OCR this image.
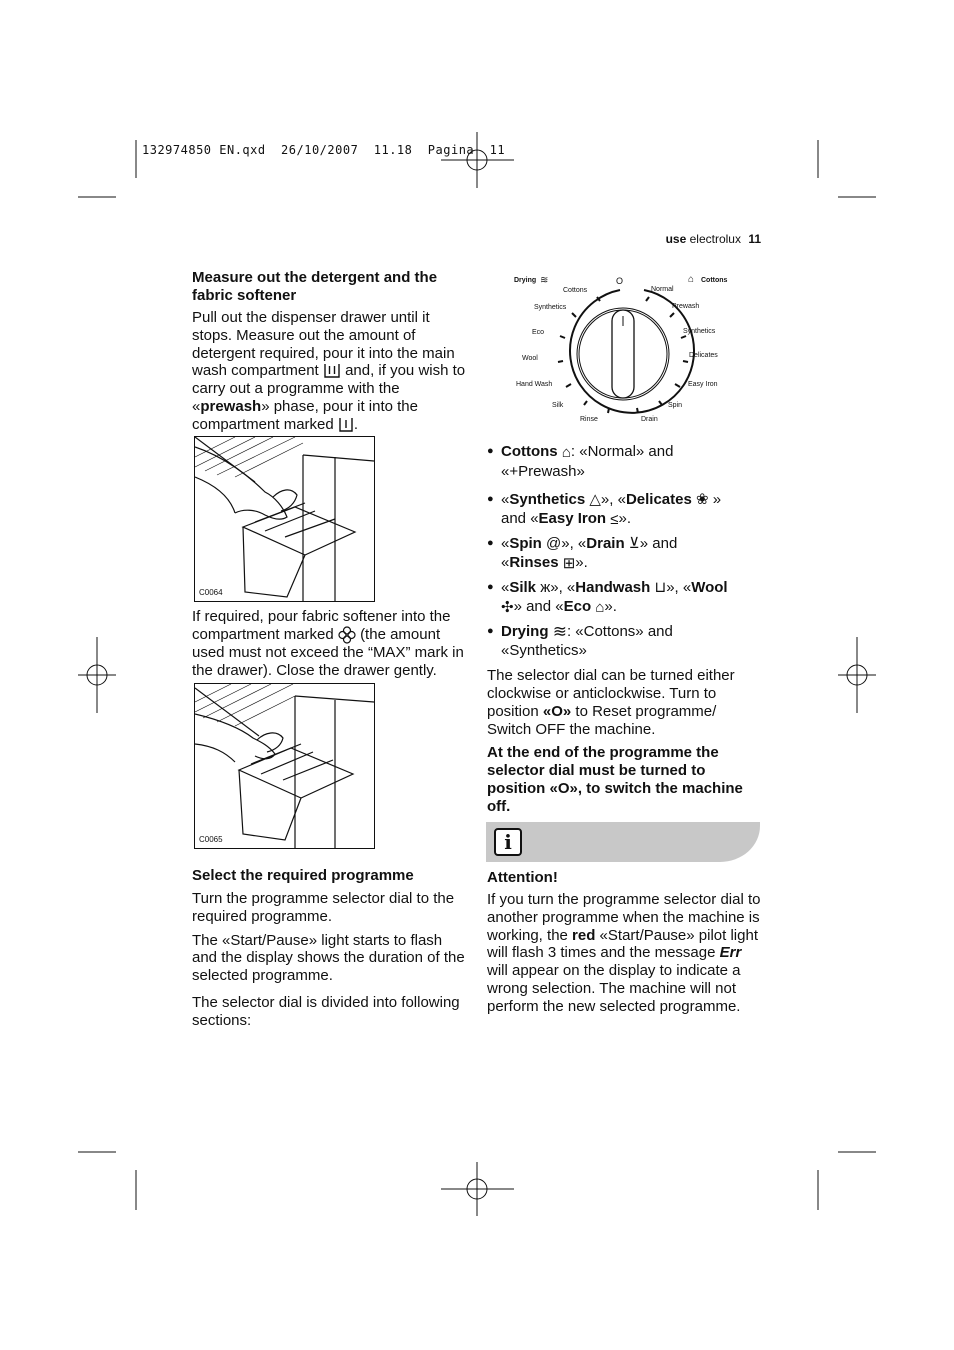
132974850 EN.qxd  26/10/2007  11.18  Pagina  11
use electrolux 11

Measure out the detergent and the fabric softener

Pull out the dispenser drawer until it stops. Measure out the amount of detergent required, pour it into the main wash compartment and, if you wish to carry out a programme with the «prewash» phase, pour it into the compartment marked .

C0064

If required, pour fabric softener into the compartment marked (the amount used must not exceed the “MAX” mark in the drawer). Close the drawer gently.

C0065

Select the required programme

Turn the programme selector dial to the required programme.

The «Start/Pause» light starts to flash and the display shows the duration of the selected programme.

The selector dial is divided into following sections:

Drying ≋
Cottons
Synthetics
O
Normal
⌂ Cottons
Prewash
Eco	Synthetics
Wool	Delicates
Hand Wash	Easy Iron
Silk	Spin
Rinse	Drain
● Cottons ⌂: «Normal» and
«+Prewash»
● «Synthetics △», «Delicates ❀ »
and «Easy Iron ≤».
● «Spin @», «Drain ⊻» and
«Rinses ⊞».
● «Silk ж», «Handwash ⊔», «Wool
✣» and «Eco ⌂».
● Drying ≋: «Cottons» and
«Synthetics»

The selector dial can be turned either clockwise or anticlockwise. Turn to position «O» to Reset programme/ Switch OFF the machine.

At the end of the programme the selector dial must be turned to position «O», to switch the machine off.

i

Attention!

If you turn the programme selector dial to another programme when the machine is working, the red «Start/Pause» pilot light will flash 3 times and the message Err will appear on the display to indicate a wrong selection. The machine will not perform the new selected programme.
